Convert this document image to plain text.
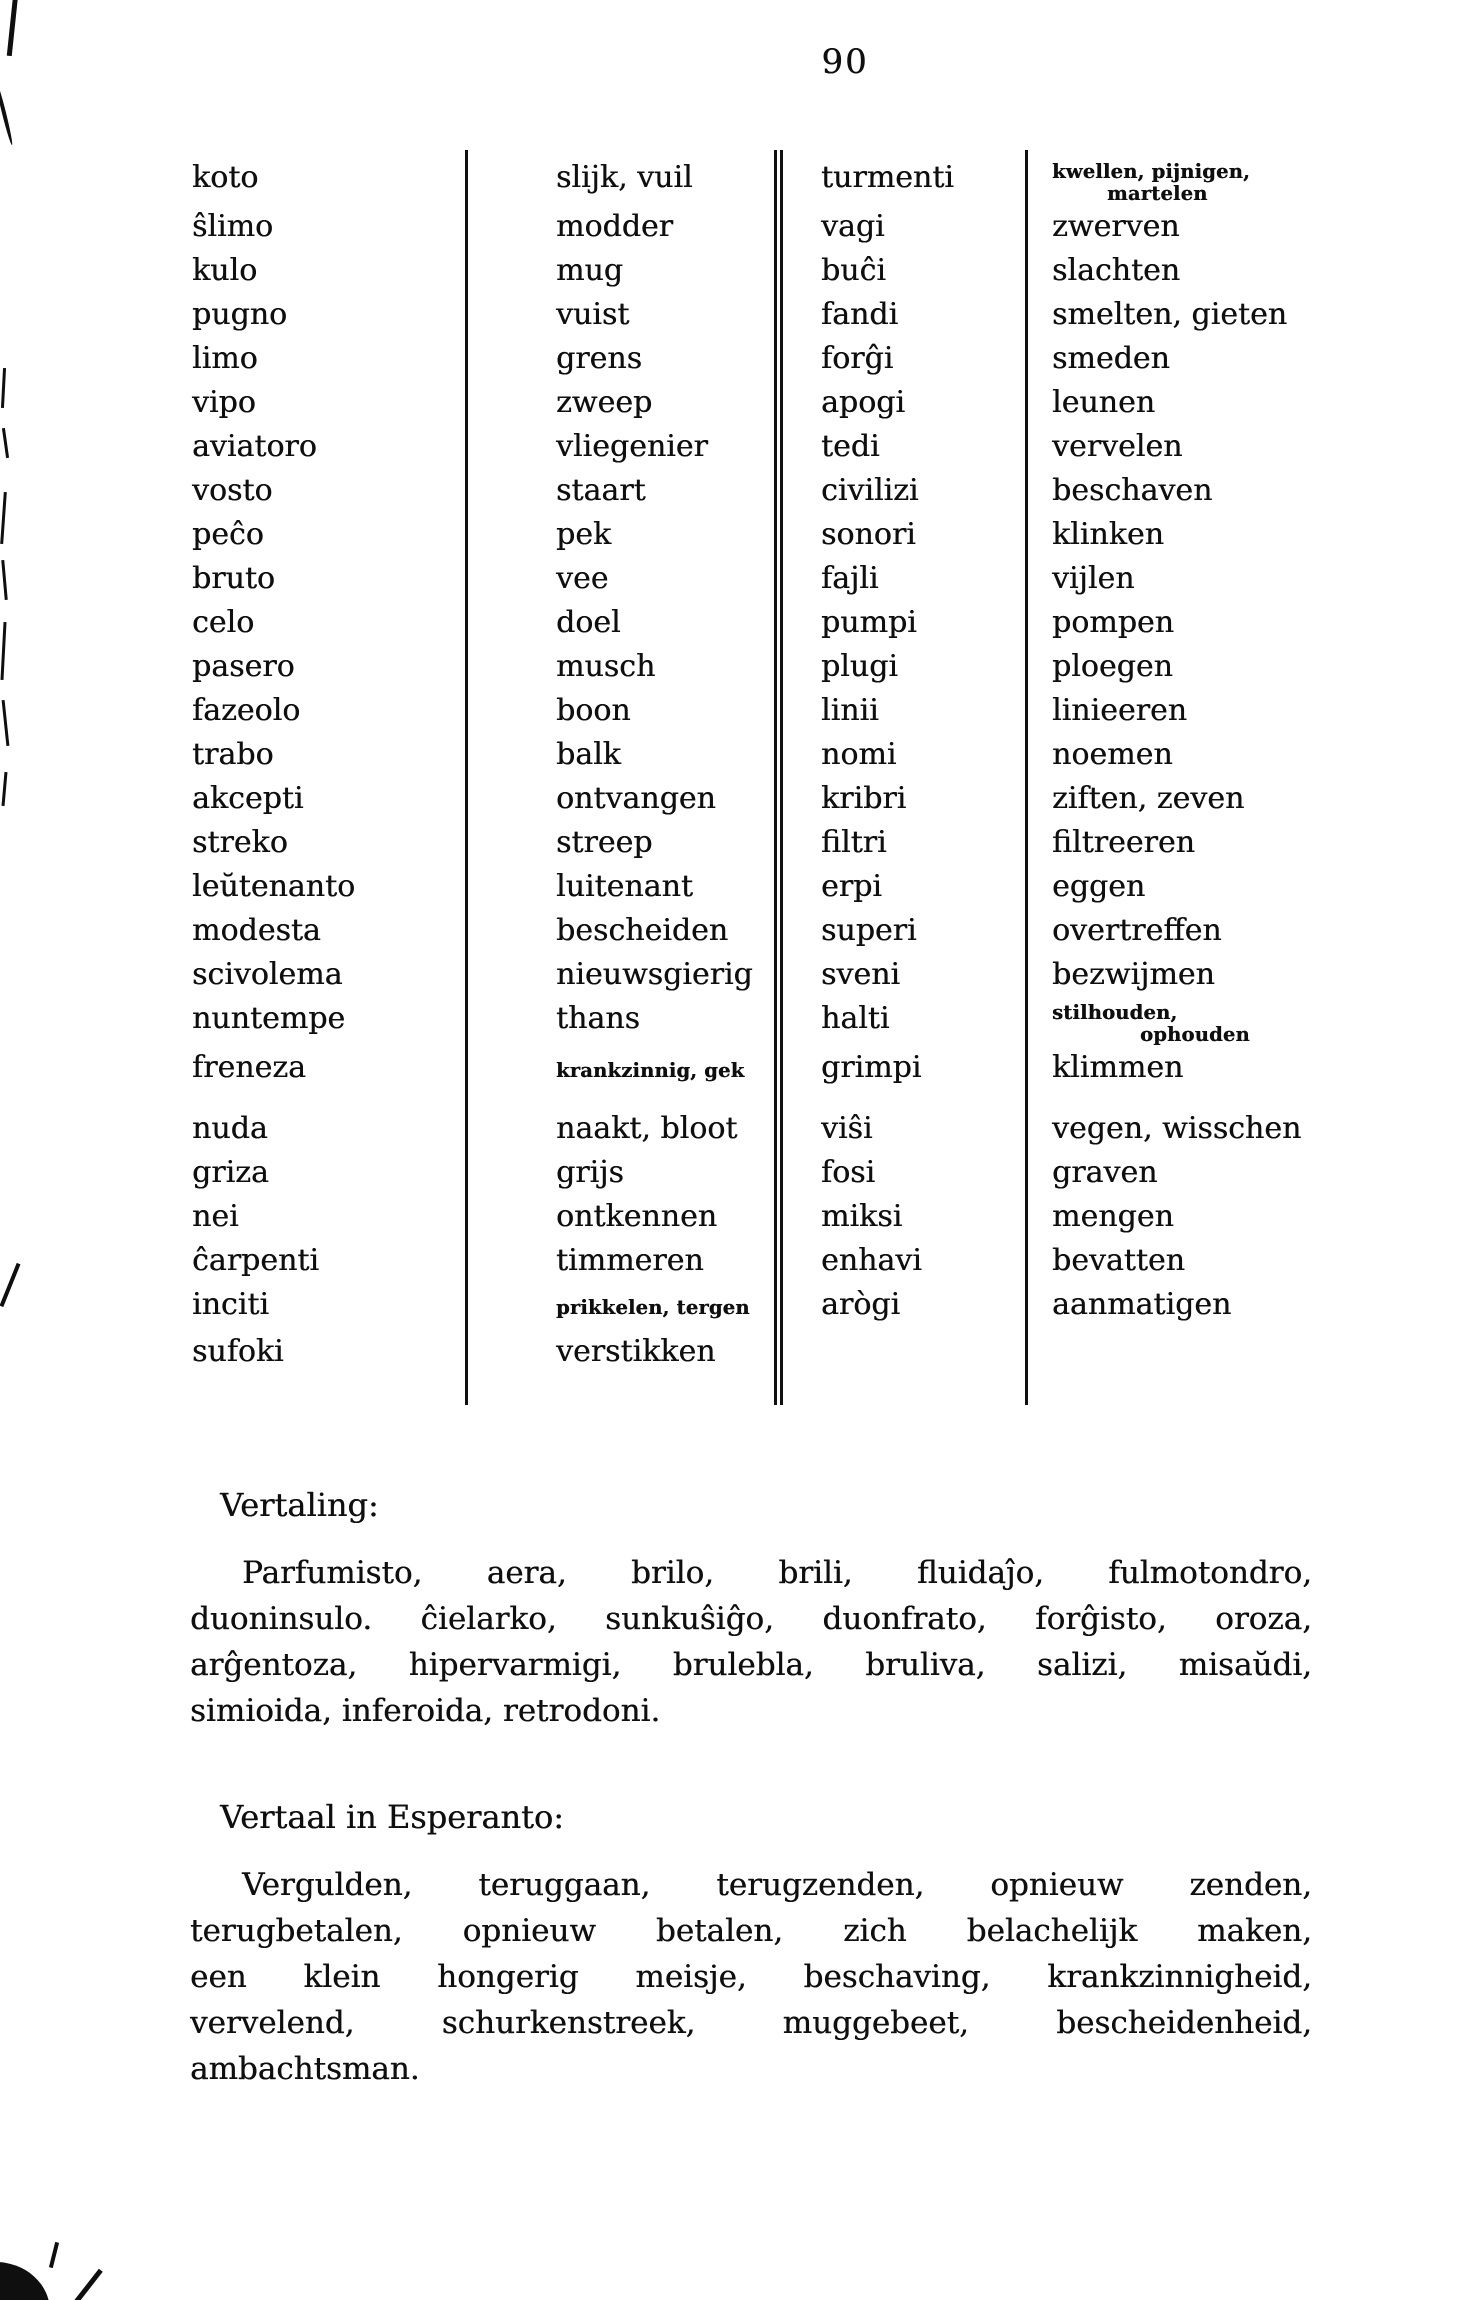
90
koto	slijk, vuil	turmenti	kwellen, pijnigen,
martelen
ŝlimo	modder	vagi	zwerven
kulo	mug	buĉi	slachten
pugno	vuist	fandi	smelten, gieten
limo	grens	forĝi	smeden
vipo	zweep	apogi	leunen
aviatoro	vliegenier	tedi	vervelen
vosto	staart	civilizi	beschaven
peĉo	pek	sonori	klinken
bruto	vee	fajli	vijlen
celo	doel	pumpi	pompen
pasero	musch	plugi	ploegen
fazeolo	boon	linii	linieeren
trabo	balk	nomi	noemen
akcepti	ontvangen	kribri	ziften, zeven
streko	streep	filtri	filtreeren
leŭtenanto	luitenant	erpi	eggen
modesta	bescheiden	superi	overtreffen
scivolema	nieuwsgierig	sveni	bezwijmen
nuntempe	thans	halti	stilhouden,
ophouden
freneza	krankzinnig, gek	grimpi	klimmen
nuda	naakt, bloot	viŝi	vegen, wisschen
griza	grijs	fosi	graven
nei	ontkennen	miksi	mengen
ĉarpenti	timmeren	enhavi	bevatten
inciti	prikkelen, tergen	arògi	aanmatigen
sufoki	verstikken
Vertaling:
Parfumisto, aera, brilo, brili, fluidaĵo, fulmotondro,
duoninsulo. ĉielarko, sunkuŝiĝo, duonfrato, forĝisto, oroza,
arĝentoza, hipervarmigi, brulebla, bruliva, salizi, misaŭdi,
simioida, inferoida, retrodoni.
Vertaal in Esperanto:
Vergulden, teruggaan, terugzenden, opnieuw zenden,
terugbetalen, opnieuw betalen, zich belachelijk maken,
een klein hongerig meisje, beschaving, krankzinnigheid,
vervelend, schurkenstreek, muggebeet, bescheidenheid,
ambachtsman.
